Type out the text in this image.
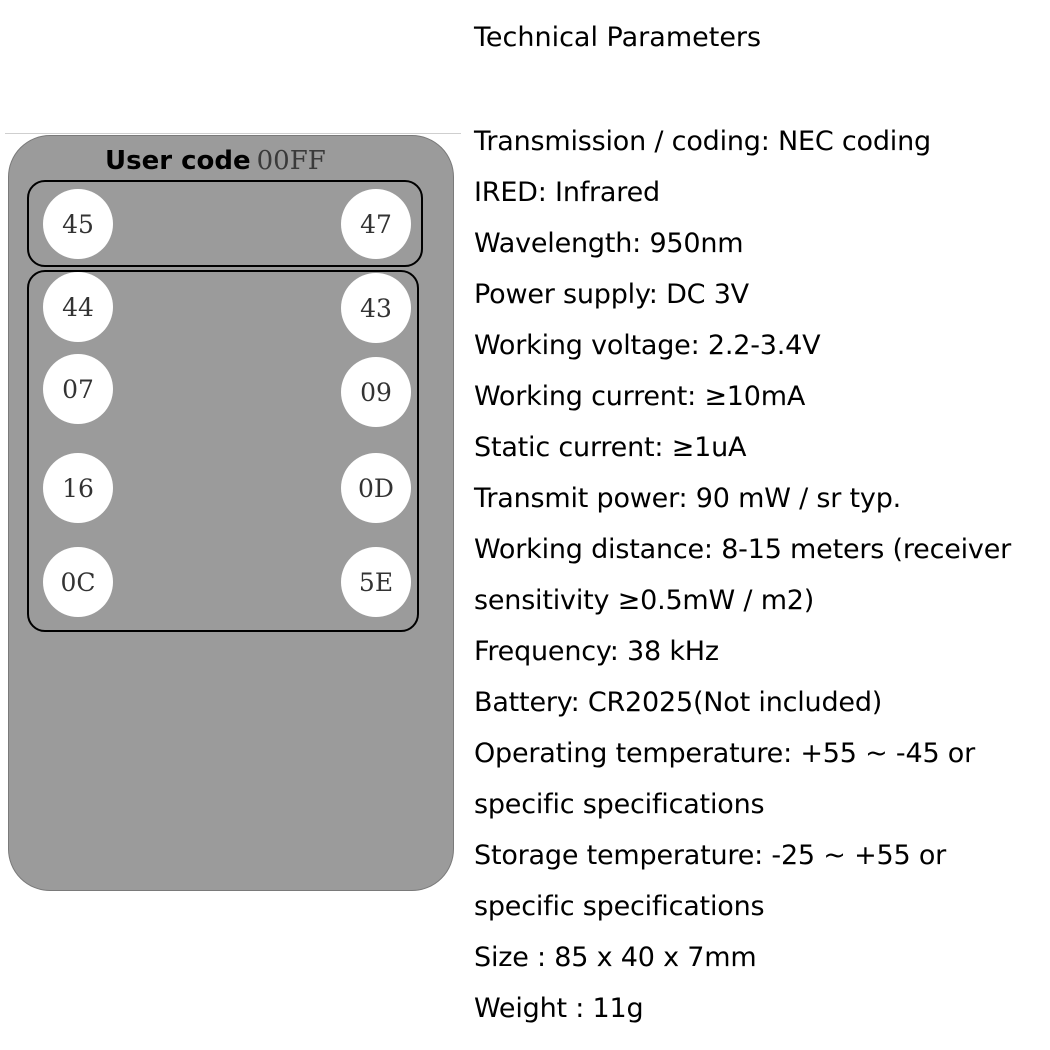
User code 00FF
45	47
44	43
07	09
16	0D
0C	5E
Technical Parameters
Transmission / coding: NEC coding
IRED: Infrared
Wavelength: 950nm
Power supply: DC 3V
Working voltage: 2.2-3.4V
Working current: ≥10mA
Static current: ≥1uA
Transmit power: 90 mW / sr typ.
Working distance: 8-15 meters (receiver
sensitivity ≥0.5mW / m2)
Frequency: 38 kHz
Battery: CR2025(Not included)
Operating temperature: +55 ~ -45 or
specific specifications
Storage temperature: -25 ~ +55 or
specific specifications
Size : 85 x 40 x 7mm
Weight : 11g
